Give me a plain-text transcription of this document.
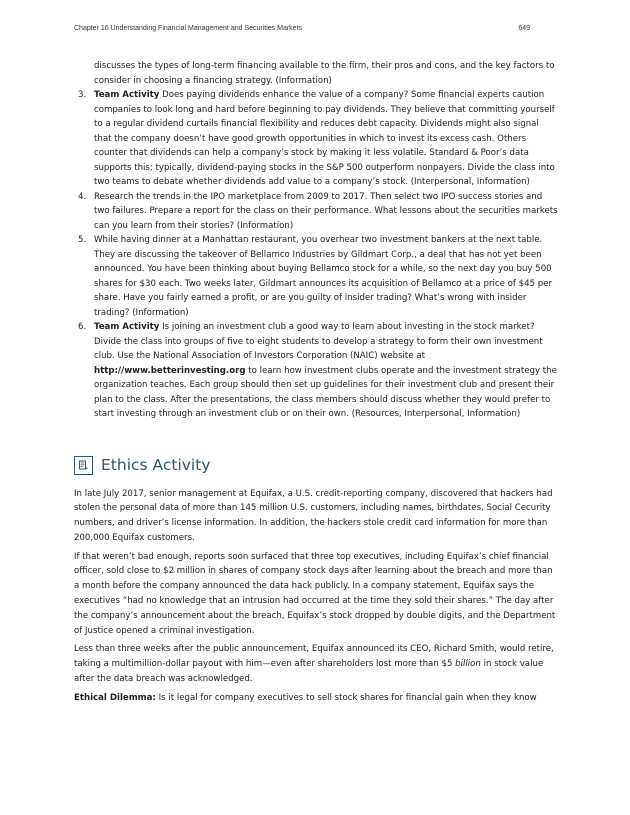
Chapter 16 Understanding Financial Management and Securities Markets	649
discusses the types of long-term financing available to the firm, their pros and cons, and the key factors to consider in choosing a financing strategy. (Information)
3. Team Activity Does paying dividends enhance the value of a company? Some financial experts caution companies to look long and hard before beginning to pay dividends. They believe that committing yourself to a regular dividend curtails financial flexibility and reduces debt capacity. Dividends might also signal that the company doesn’t have good growth opportunities in which to invest its excess cash. Others counter that dividends can help a company’s stock by making it less volatile. Standard & Poor’s data supports this; typically, dividend-paying stocks in the S&P 500 outperform nonpayers. Divide the class into two teams to debate whether dividends add value to a company’s stock. (Interpersonal, Information)
4. Research the trends in the IPO marketplace from 2009 to 2017. Then select two IPO success stories and two failures. Prepare a report for the class on their performance. What lessons about the securities markets can you learn from their stories? (Information)
5. While having dinner at a Manhattan restaurant, you overhear two investment bankers at the next table. They are discussing the takeover of Bellamco Industries by Gildmart Corp., a deal that has not yet been announced. You have been thinking about buying Bellamco stock for a while, so the next day you buy 500 shares for $30 each. Two weeks later, Gildmart announces its acquisition of Bellamco at a price of $45 per share. Have you fairly earned a profit, or are you guilty of insider trading? What’s wrong with insider trading? (Information)
6. Team Activity Is joining an investment club a good way to learn about investing in the stock market? Divide the class into groups of five to eight students to develop a strategy to form their own investment club. Use the National Association of Investors Corporation (NAIC) website at http://www.betterinvesting.org to learn how investment clubs operate and the investment strategy the organization teaches. Each group should then set up guidelines for their investment club and present their plan to the class. After the presentations, the class members should discuss whether they would prefer to start investing through an investment club or on their own. (Resources, Interpersonal, Information)
Ethics Activity

In late July 2017, senior management at Equifax, a U.S. credit-reporting company, discovered that hackers had stolen the personal data of more than 145 million U.S. customers, including names, birthdates, Social Cecurity numbers, and driver’s license information. In addition, the hackers stole credit card information for more than 200,000 Equifax customers.

If that weren’t bad enough, reports soon surfaced that three top executives, including Equifax’s chief financial officer, sold close to $2 million in shares of company stock days after learning about the breach and more than a month before the company announced the data hack publicly. In a company statement, Equifax says the executives “had no knowledge that an intrusion had occurred at the time they sold their shares.” The day after the company’s announcement about the breach, Equifax’s stock dropped by double digits, and the Department of Justice opened a criminal investigation.

Less than three weeks after the public announcement, Equifax announced its CEO, Richard Smith, would retire, taking a multimillion-dollar payout with him—even after shareholders lost more than $5 billion in stock value after the data breach was acknowledged.

Ethical Dilemma: Is it legal for company executives to sell stock shares for financial gain when they know
